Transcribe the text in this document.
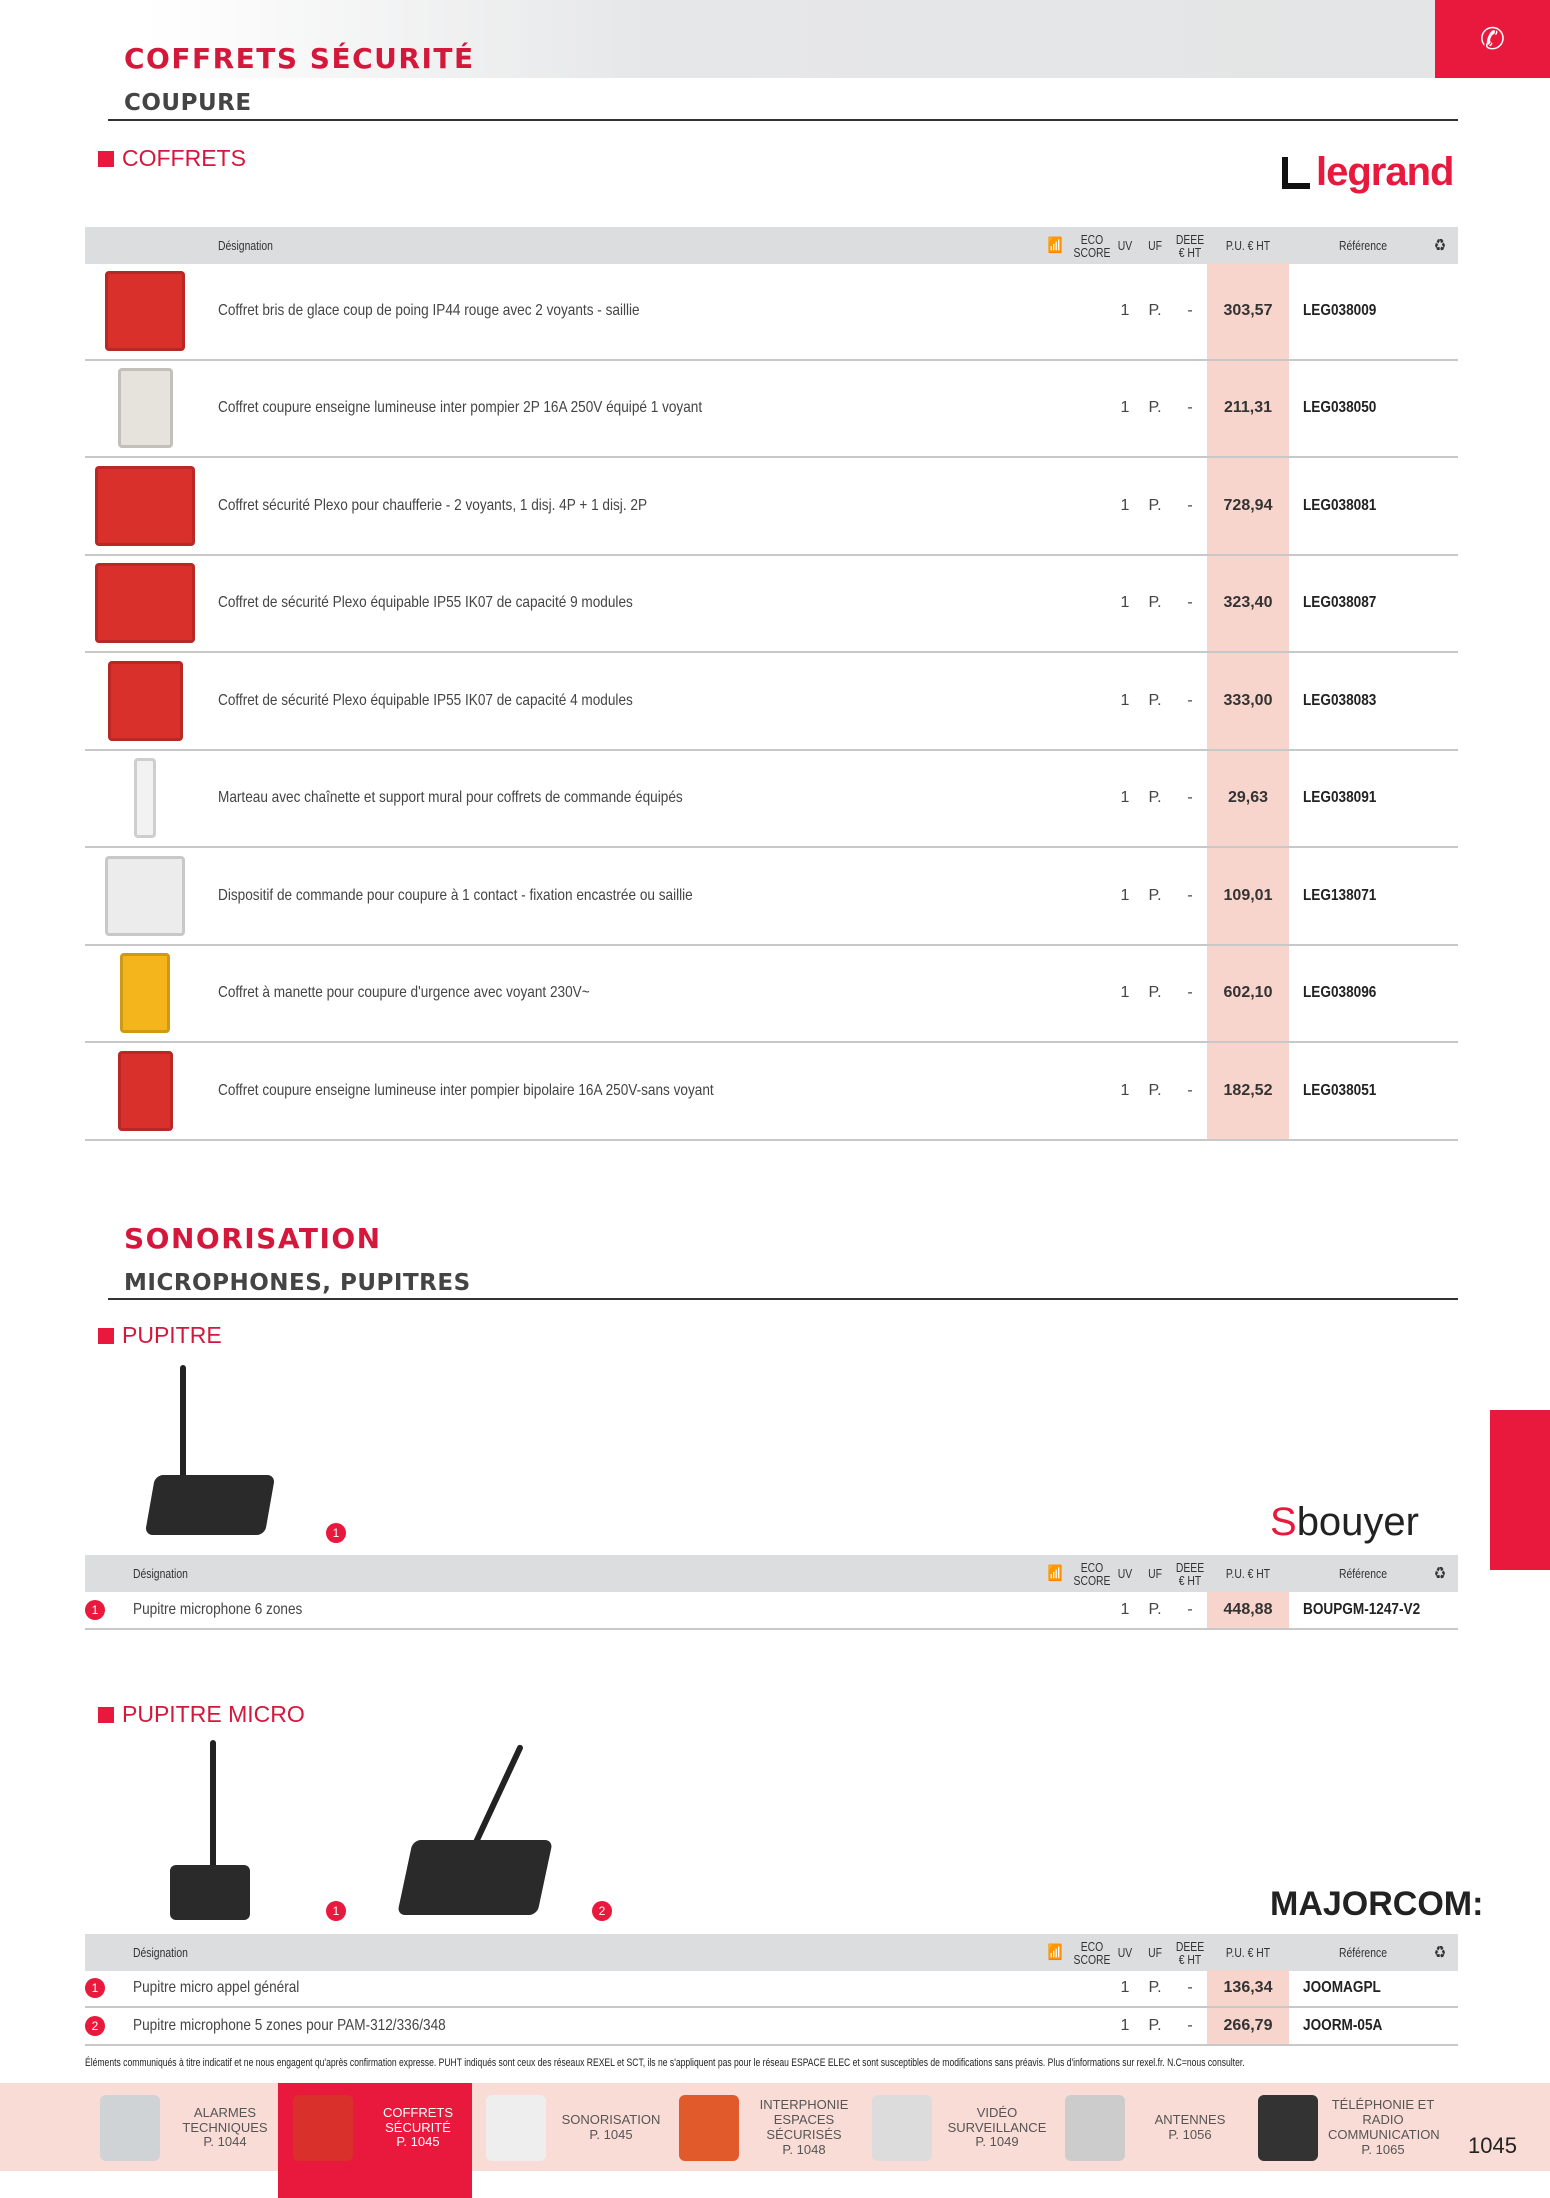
✆
COFFRETS SÉCURITÉ
COUPURE
COFFRETS	legrand
Désignation	📶 ECO SCORE UV UF DEEE € HT	P.U. € HT	Référence	♻
Coffret bris de glace coup de poing IP44 rouge avec 2 voyants - saillie	1	P.	-	303,57	LEG038009
Coffret coupure enseigne lumineuse inter pompier 2P 16A 250V équipé 1 voyant	1	P.	-	211,31	LEG038050
Coffret sécurité Plexo pour chaufferie - 2 voyants, 1 disj. 4P + 1 disj. 2P	1	P.	-	728,94	LEG038081
Coffret de sécurité Plexo équipable IP55 IK07 de capacité 9 modules	1	P.	-	323,40	LEG038087
Coffret de sécurité Plexo équipable IP55 IK07 de capacité 4 modules	1	P.	-	333,00	LEG038083
Marteau avec chaînette et support mural pour coffrets de commande équipés	1	P.	-	29,63	LEG038091
Dispositif de commande pour coupure à 1 contact - fixation encastrée ou saillie	1	P.	-	109,01	LEG138071
Coffret à manette pour coupure d'urgence avec voyant 230V~	1	P.	-	602,10	LEG038096
Coffret coupure enseigne lumineuse inter pompier bipolaire 16A 250V-sans voyant	1	P.	-	182,52	LEG038051
SONORISATION
MICROPHONES, PUPITRES
PUPITRE
1	Sbouyer
Désignation	📶 ECO SCORE UV UF DEEE € HT	P.U. € HT	Référence	♻
1	Pupitre microphone 6 zones	1	P.	-	448,88	BOUPGM-1247-V2
PUPITRE MICRO
1	2	MAJORCOM:
Désignation	📶 ECO SCORE UV UF DEEE € HT	P.U. € HT	Référence	♻
1	Pupitre micro appel général	1	P.	-	136,34	JOOMAGPL
2	Pupitre microphone 5 zones pour PAM-312/336/348	1	P.	-	266,79	JOORM-05A
Éléments communiqués à titre indicatif et ne nous engagent qu'après confirmation expresse. PUHT indiqués sont ceux des réseaux REXEL et SCT, ils ne s'appliquent pas pour le réseau ESPACE ELEC et sont susceptibles de modifications sans préavis. Plus d'informations sur rexel.fr. N.C=nous consulter.
ALARMES TECHNIQUES
P. 1044
COFFRETS SÉCURITÉ
P. 1045
SONORISATION
P. 1045
INTERPHONIE ESPACES SÉCURISÉS
P. 1048
VIDÉO SURVEILLANCE
P. 1049
ANTENNES
P. 1056
TÉLÉPHONIE ET RADIO COMMUNICATION
P. 1065	1045
